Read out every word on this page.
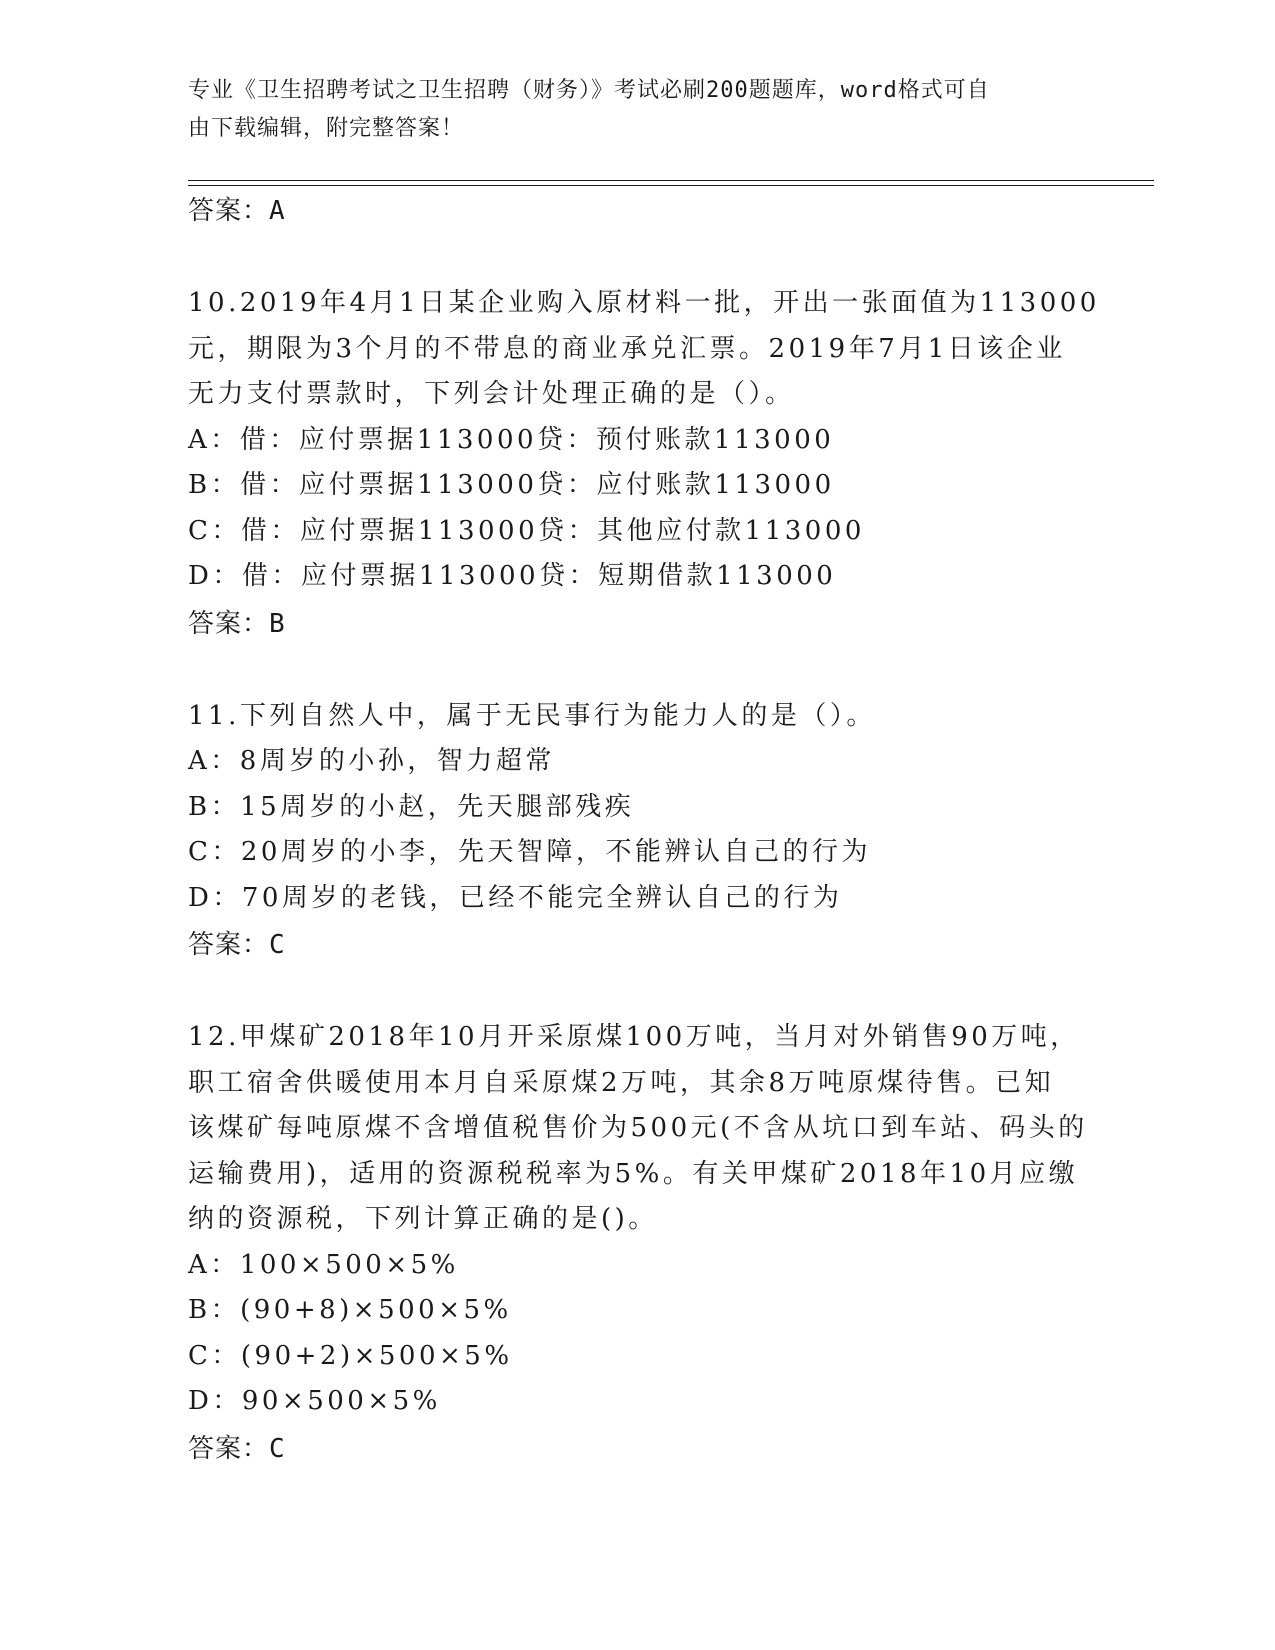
专业《卫生招聘考试之卫生招聘（财务）》考试必刷200题题库，word格式可自
由下载编辑，附完整答案！
答案：A
10.2019年4月1日某企业购入原材料一批，开出一张面值为113000
元，期限为3个月的不带息的商业承兑汇票。2019年7月1日该企业
无力支付票款时，下列会计处理正确的是（）。
A：借：应付票据113000贷：预付账款113000
B：借：应付票据113000贷：应付账款113000
C：借：应付票据113000贷：其他应付款113000
D：借：应付票据113000贷：短期借款113000
答案：B
11.下列自然人中，属于无民事行为能力人的是（）。
A：8周岁的小孙，智力超常
B：15周岁的小赵，先天腿部残疾
C：20周岁的小李，先天智障，不能辨认自己的行为
D：70周岁的老钱，已经不能完全辨认自己的行为
答案：C
12.甲煤矿2018年10月开采原煤100万吨，当月对外销售90万吨，
职工宿舍供暖使用本月自采原煤2万吨，其余8万吨原煤待售。已知
该煤矿每吨原煤不含增值税售价为500元(不含从坑口到车站、码头的
运输费用)，适用的资源税税率为5%。有关甲煤矿2018年10月应缴
纳的资源税，下列计算正确的是()。
A：100×500×5%
B：(90+8)×500×5%
C：(90+2)×500×5%
D：90×500×5%
答案：C
